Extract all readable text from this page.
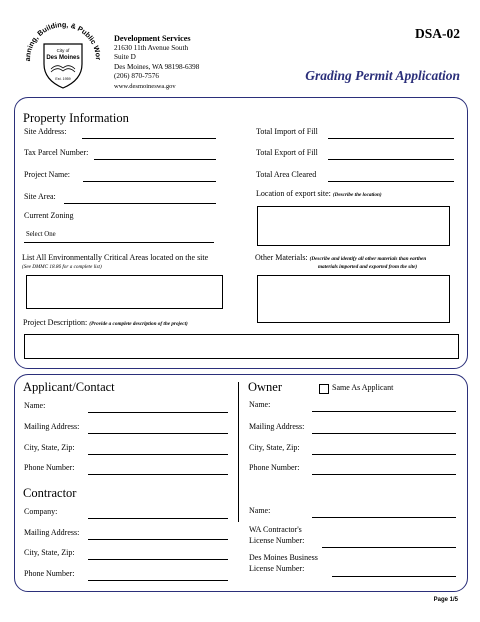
anning, Building, & Public Wor
City of
Des Moines
Est. 1959
Development Services
21630 11th Avenue South
Suite D
Des Moines, WA 98198-6398
(206) 870-7576
www.desmoineswa.gov
DSA-02
Grading Permit Application
Property Information
Site Address:
Tax Parcel Number:
Project Name:
Site Area:
Current Zoning
Select One
Total Import of Fill
Total Export of Fill
Total Area Cleared
Location of export site: (Describe the location)
List All Environmentally Critical Areas located on the site
(See DMMC 18.86 for a complete list)
Other Materials: (Describe and identify all other materials than earthen
materials imported and exported from the site)
Project Description: (Provide a complete description of the project)
Applicant/Contact
Name:
Mailing Address:
City, State, Zip:
Phone Number:
Owner	Same As Applicant
Name:
Mailing Address:
City, State, Zip:
Phone Number:
Contractor
Company:
Mailing Address:
City, State, Zip:
Phone Number:
Name:
WA Contractor's
License Number:
Des Moines Business
License Number:
Page 1/5
